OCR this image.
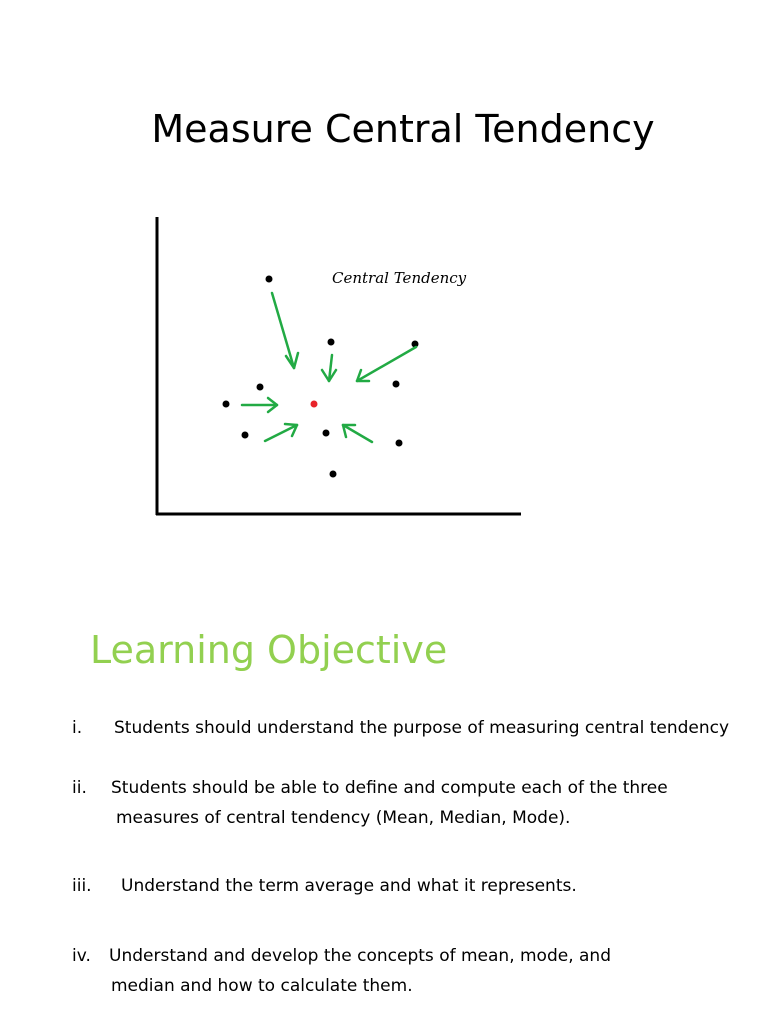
Measure Central Tendency
Central Tendency
Learning Objective
i. Students should understand the purpose of measuring central tendency
ii. Students should be able to define and compute each of the three
measures of central tendency (Mean, Median, Mode).
iii. Understand the term average and what it represents.
iv. Understand and develop the concepts of mean, mode, and
median and how to calculate them.
